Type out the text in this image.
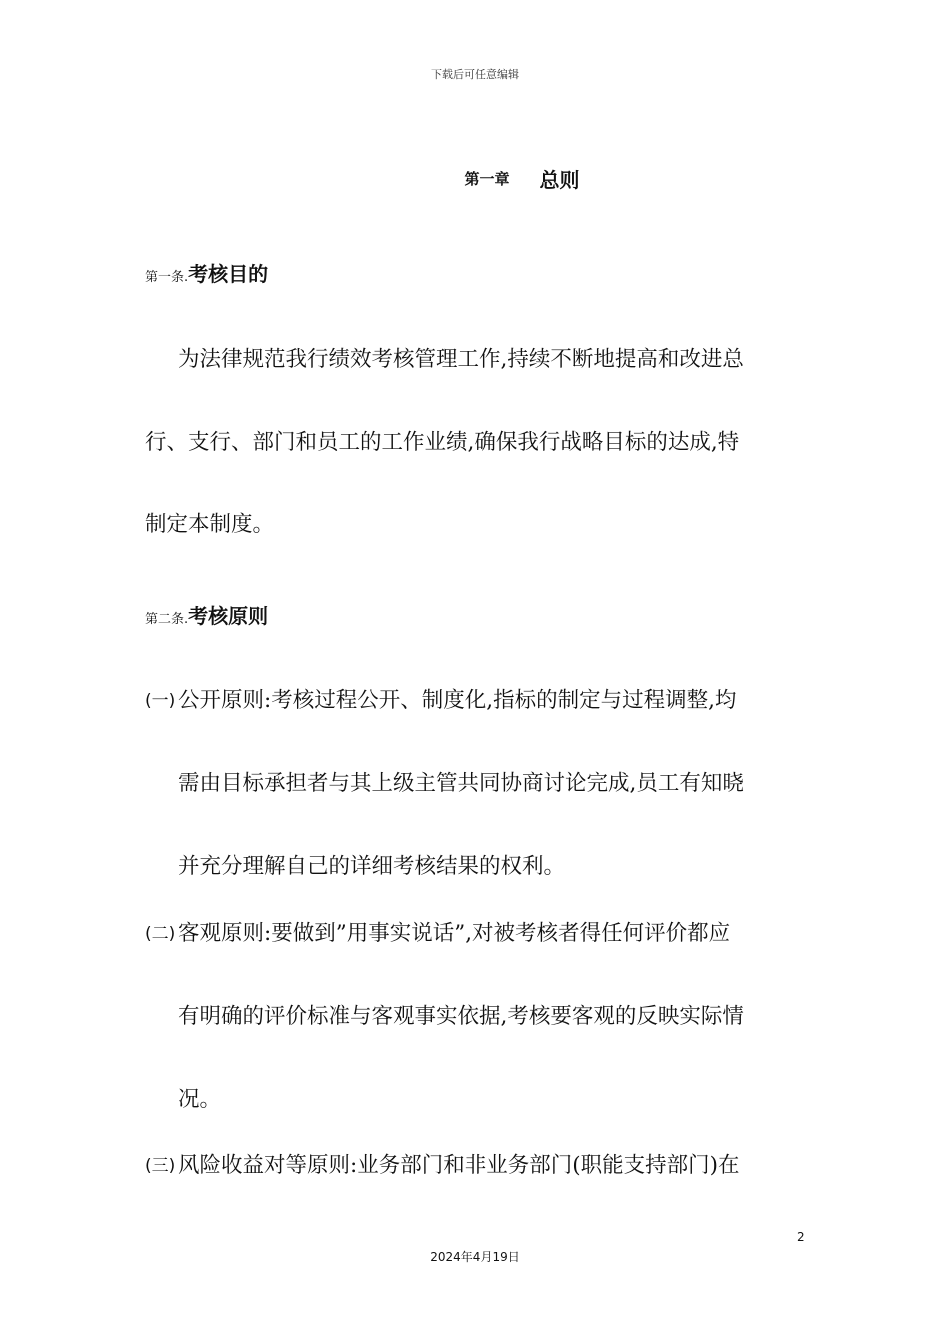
下载后可任意编辑
第一章 总则
第一条.考核目的
为法律规范我行绩效考核管理工作,持续不断地提高和改进总
行、支行、部门和员工的工作业绩,确保我行战略目标的达成,特
制定本制度。
第二条.考核原则
(一) 公开原则:考核过程公开、制度化,指标的制定与过程调整,均
需由目标承担者与其上级主管共同协商讨论完成,员工有知晓
并充分理解自己的详细考核结果的权利。
(二) 客观原则:要做到”用事实说话”,对被考核者得任何评价都应
有明确的评价标准与客观事实依据,考核要客观的反映实际情
况。
(三) 风险收益对等原则:业务部门和非业务部门(职能支持部门)在
2
2024年4月19日
